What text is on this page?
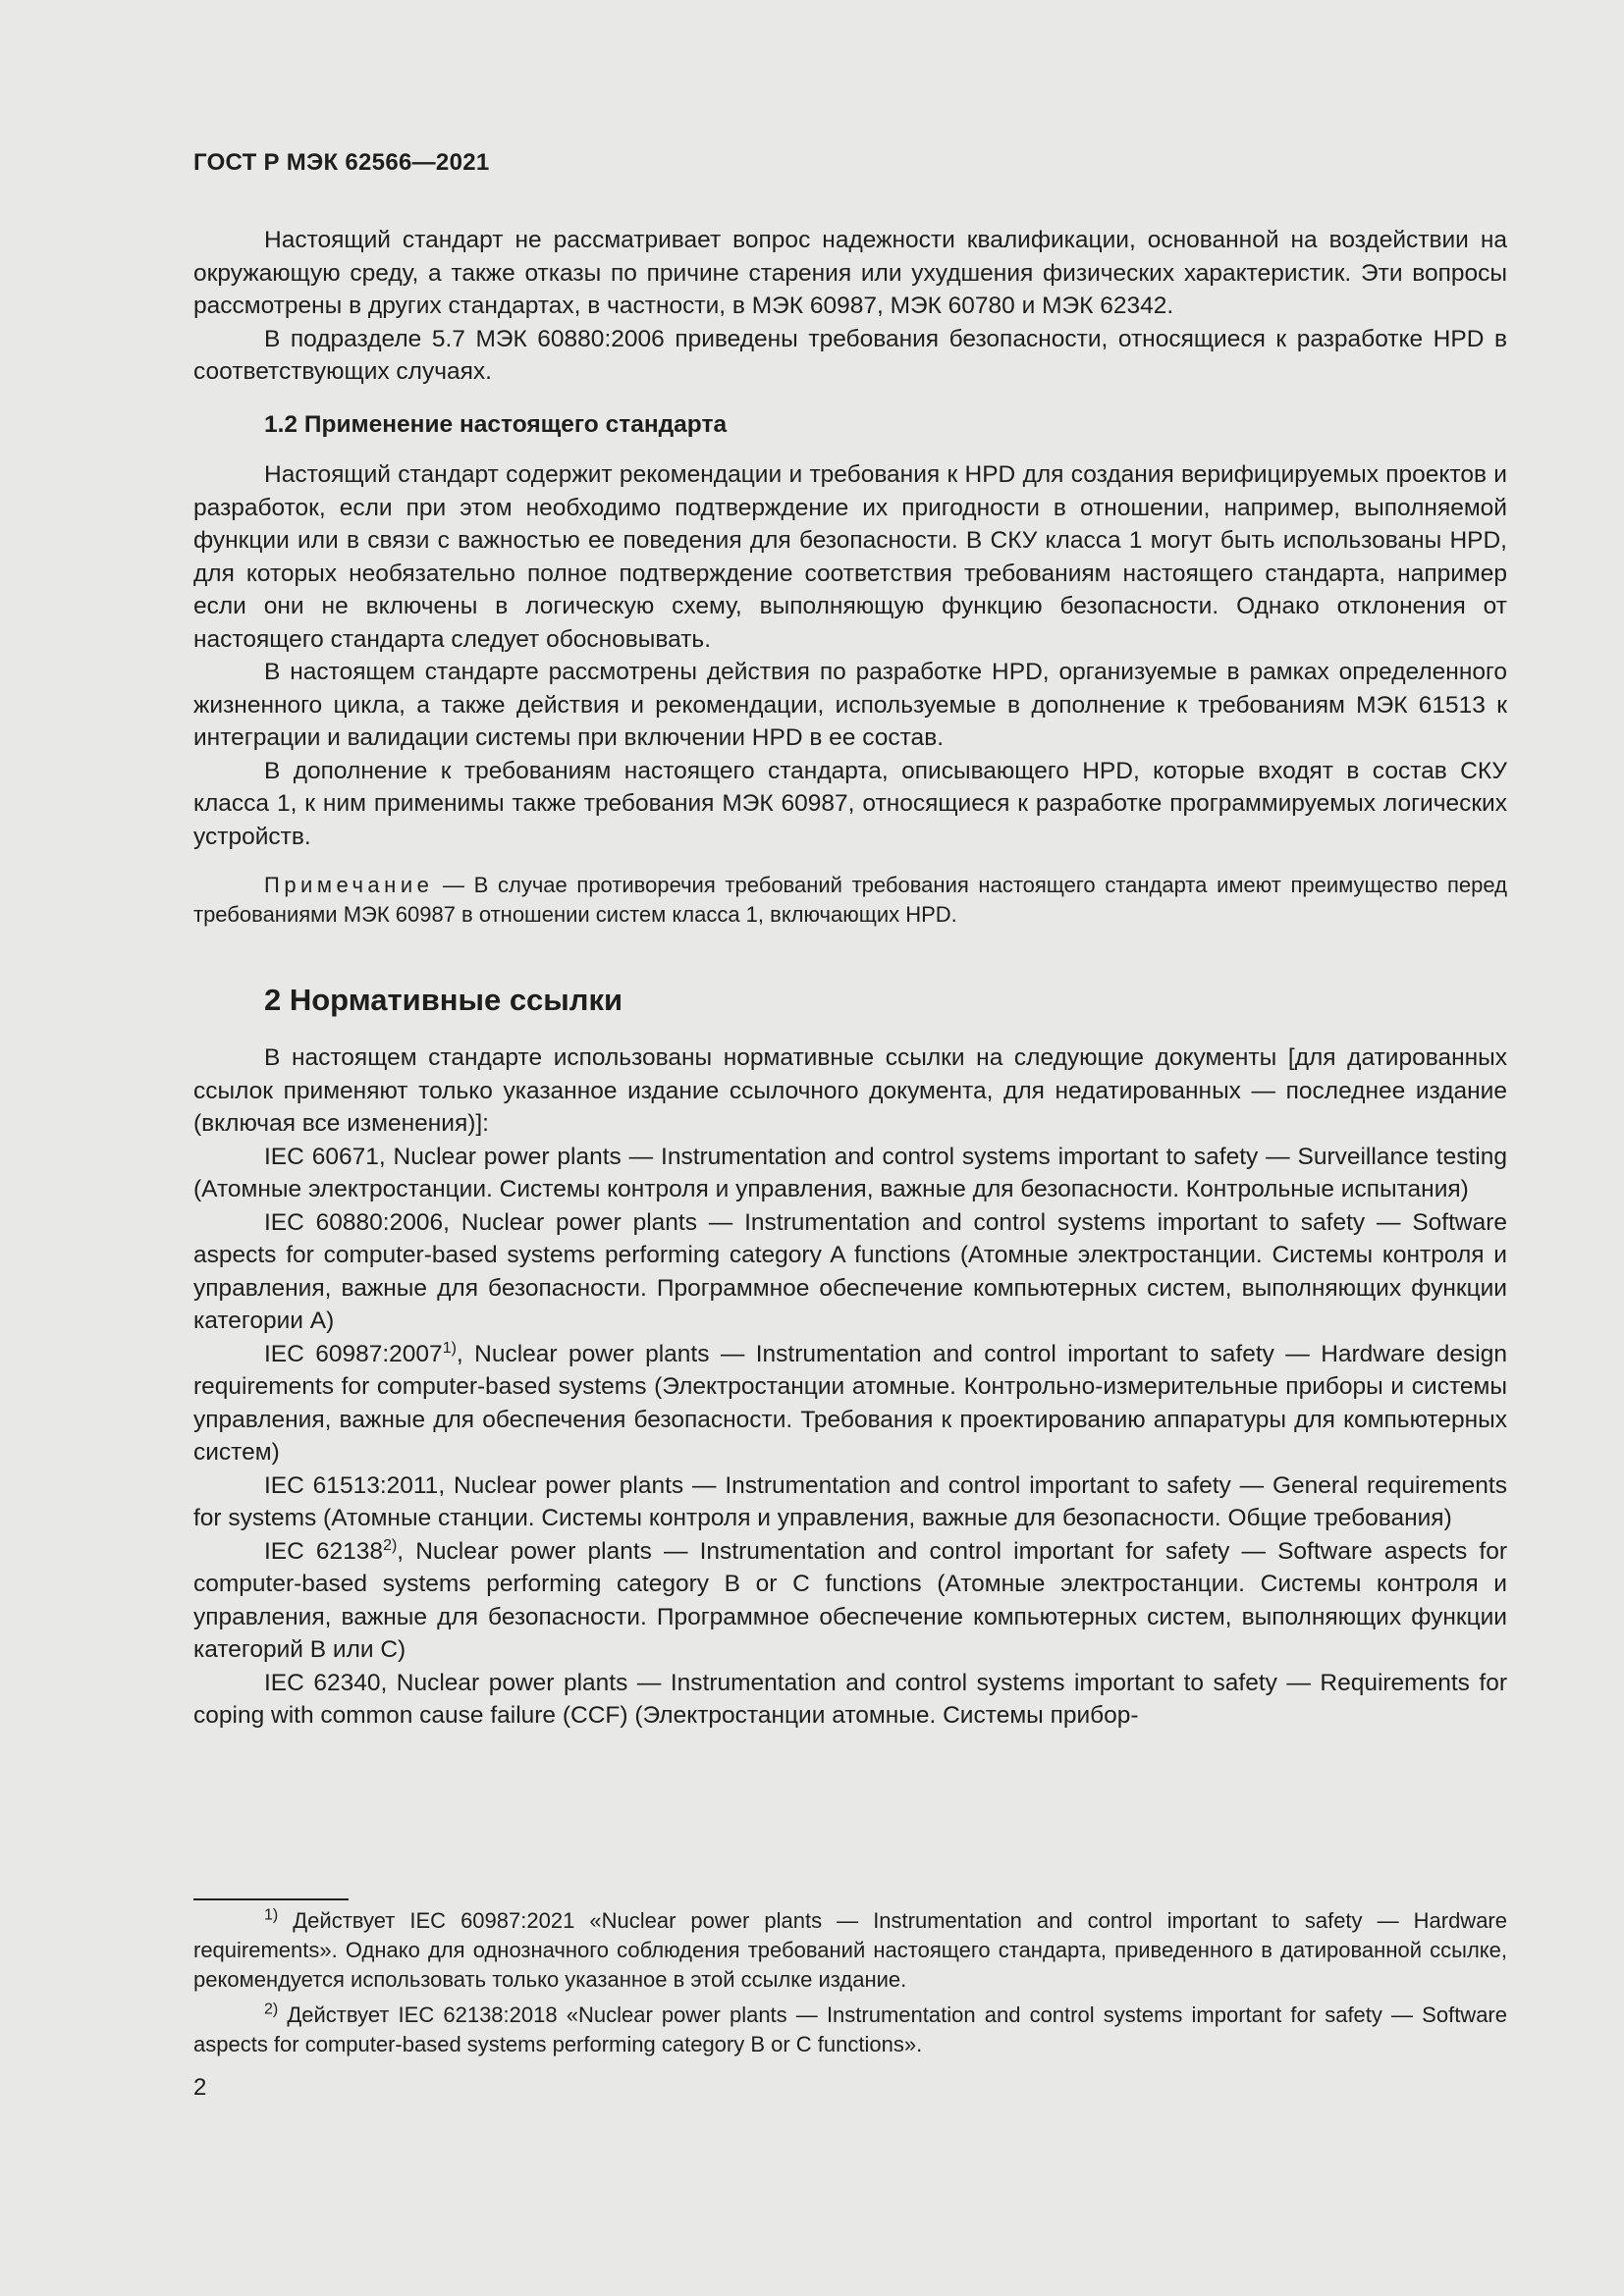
ГОСТ Р МЭК 62566—2021

Настоящий стандарт не рассматривает вопрос надежности квалификации, основанной на воздействии на окружающую среду, а также отказы по причине старения или ухудшения физических характеристик. Эти вопросы рассмотрены в других стандартах, в частности, в МЭК 60987, МЭК 60780 и МЭК 62342.

В подразделе 5.7 МЭК 60880:2006 приведены требования безопасности, относящиеся к разработке HPD в соответствующих случаях.

1.2 Применение настоящего стандарта

Настоящий стандарт содержит рекомендации и требования к HPD для создания верифицируемых проектов и разработок, если при этом необходимо подтверждение их пригодности в отношении, например, выполняемой функции или в связи с важностью ее поведения для безопасности. В СКУ класса 1 могут быть использованы HPD, для которых необязательно полное подтверждение соответствия требованиям настоящего стандарта, например если они не включены в логическую схему, выполняющую функцию безопасности. Однако отклонения от настоящего стандарта следует обосновывать.

В настоящем стандарте рассмотрены действия по разработке HPD, организуемые в рамках определенного жизненного цикла, а также действия и рекомендации, используемые в дополнение к требованиям МЭК 61513 к интеграции и валидации системы при включении HPD в ее состав.

В дополнение к требованиям настоящего стандарта, описывающего HPD, которые входят в состав СКУ класса 1, к ним применимы также требования МЭК 60987, относящиеся к разработке программируемых логических устройств.

Примечание — В случае противоречия требований требования настоящего стандарта имеют преимущество перед требованиями МЭК 60987 в отношении систем класса 1, включающих HPD.

2 Нормативные ссылки

В настоящем стандарте использованы нормативные ссылки на следующие документы [для датированных ссылок применяют только указанное издание ссылочного документа, для недатированных — последнее издание (включая все изменения)]:

IEC 60671, Nuclear power plants — Instrumentation and control systems important to safety — Surveillance testing (Атомные электростанции. Системы контроля и управления, важные для безопасности. Контрольные испытания)

IEC 60880:2006, Nuclear power plants — Instrumentation and control systems important to safety — Software aspects for computer-based systems performing category A functions (Атомные электростанции. Системы контроля и управления, важные для безопасности. Программное обеспечение компьютерных систем, выполняющих функции категории А)

IEC 60987:2007$^{1)}$, Nuclear power plants — Instrumentation and control important to safety — Hardware design requirements for computer-based systems (Электростанции атомные. Контрольно-измерительные приборы и системы управления, важные для обеспечения безопасности. Требования к проектированию аппаратуры для компьютерных систем)

IEC 61513:2011, Nuclear power plants — Instrumentation and control important to safety — General requirements for systems (Атомные станции. Системы контроля и управления, важные для безопасности. Общие требования)

IEC 62138$^{2)}$, Nuclear power plants — Instrumentation and control important for safety — Software aspects for computer-based systems performing category B or C functions (Атомные электростанции. Системы контроля и управления, важные для безопасности. Программное обеспечение компьютерных систем, выполняющих функции категорий В или С)

IEC 62340, Nuclear power plants — Instrumentation and control systems important to safety — Requirements for coping with common cause failure (CCF) (Электростанции атомные. Системы прибор-

$^{1)}$ Действует IEC 60987:2021 «Nuclear power plants — Instrumentation and control important to safety — Hardware requirements». Однако для однозначного соблюдения требований настоящего стандарта, приведенного в датированной ссылке, рекомендуется использовать только указанное в этой ссылке издание.

$^{2)}$ Действует IEC 62138:2018 «Nuclear power plants — Instrumentation and control systems important for safety — Software aspects for computer-based systems performing category B or C functions».

2
